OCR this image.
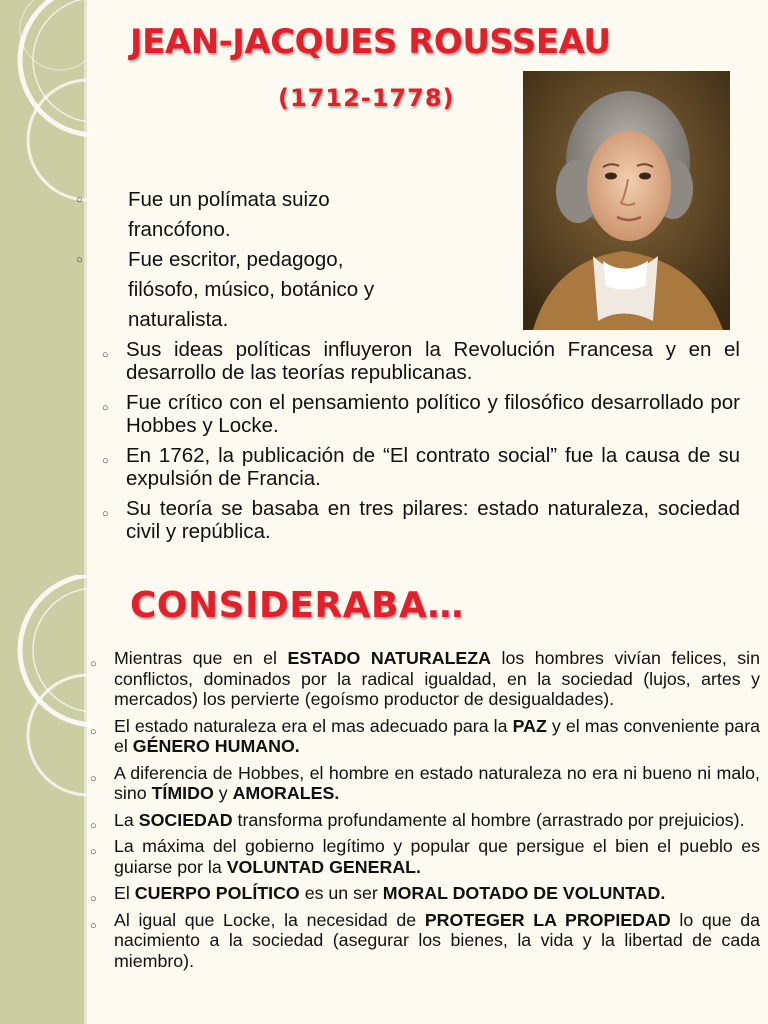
JEAN-JACQUES ROUSSEAU
(1712-1778)
○ Fue un polímata suizo francófono.
○ Fue escritor, pedagogo, filósofo, músico, botánico y naturalista.
○ Sus ideas políticas influyeron la Revolución Francesa y en el desarrollo de las teorías republicanas.
○ Fue crítico con el pensamiento político y filosófico desarrollado por Hobbes y Locke.
○ En 1762, la publicación de “El contrato social” fue la causa de su expulsión de Francia.
○ Su teoría se basaba en tres pilares: estado naturaleza, sociedad civil y república.
CONSIDERABA…
○ Mientras que en el ESTADO NATURALEZA los hombres vivían felices, sin conflictos, dominados por la radical igualdad, en la sociedad (lujos, artes y mercados) los pervierte (egoísmo productor de desigualdades).
○ El estado naturaleza era el mas adecuado para la PAZ y el mas conveniente para el GÉNERO HUMANO.
○ A diferencia de Hobbes, el hombre en estado naturaleza no era ni bueno ni malo, sino TÍMIDO y AMORALES.
○ La SOCIEDAD transforma profundamente al hombre (arrastrado por prejuicios).
○ La máxima del gobierno legítimo y popular que persigue el bien el pueblo es guiarse por la VOLUNTAD GENERAL.
○ El CUERPO POLÍTICO es un ser MORAL DOTADO DE VOLUNTAD.
○ Al igual que Locke, la necesidad de PROTEGER LA PROPIEDAD lo que da nacimiento a la sociedad (asegurar los bienes, la vida y la libertad de cada miembro).
